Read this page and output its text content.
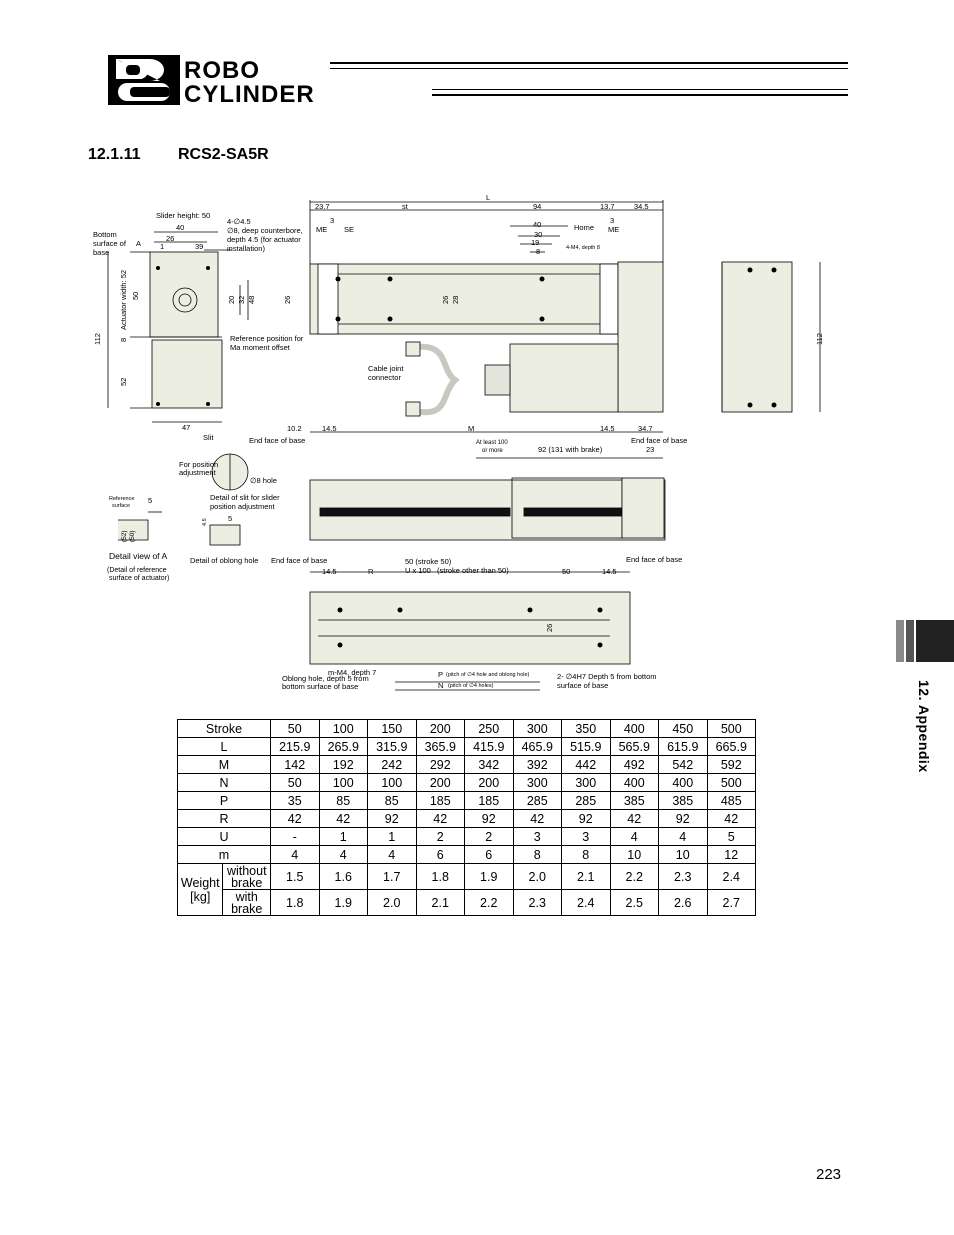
ROBO
CYLINDER
12.1.11 RCS2-SA5R
L
23.7	st	94	13.7	34.5
Slider height: 50
4-∅4.5
∅8, deep counterbore,
depth 4.5 (for actuator
installation)
40
26
39
1
Bottom
surface of
base
A
Actuator width: 52 50
112 8
52
20 32 48
Reference position for
Ma moment offset
47
ME SE	ME
3	3
Home
40
30
19
8	4-M4, depth 8
26	26 28
Cable joint
connector
112
10.2	14.5	M	14.5	34.7
Slit	End face of base	End face of base
At least 100
or more	92 (131 with brake)	23
For position
adjustment
∅8 hole
Detail of slit for slider
position adjustment
Reference
surface
5
(52) (50)
5
4.5
Detail view of A
(Detail of reference
surface of actuator)
Detail of oblong hole End face of base	50 (stroke 50)
U x 100 (stroke other than 50)
End face of base
14.5	R	50	14.5
26
m-M4, depth 7
Oblong hole, depth 5 from
bottom surface of base
P (pitch of ∅4 hole and oblong hole)
N (pitch of ∅4 holes)
2- ∅4H7 Depth 5 from bottom
surface of base	12. Appendix
Stroke		50	100	150	200	250	300	350	400	450	500
L		215.9	265.9	315.9	365.9	415.9	465.9	515.9	565.9	615.9	665.9
M		142	192	242	292	342	392	442	492	542	592
N		50	100	100	200	200	300	300	400	400	500
P		35	85	85	185	185	285	285	385	385	485
R		42	42	92	42	92	42	92	42	92	42
U		-	1	1	2	2	3	3	4	4	5
m		4	4	4	6	6	8	8	10	10	12
Weight
[kg]	without
brake	1.5	1.6	1.7	1.8	1.9	2.0	2.1	2.2	2.3	2.4
	with
brake	1.8	1.9	2.0	2.1	2.2	2.3	2.4	2.5	2.6	2.7
223
